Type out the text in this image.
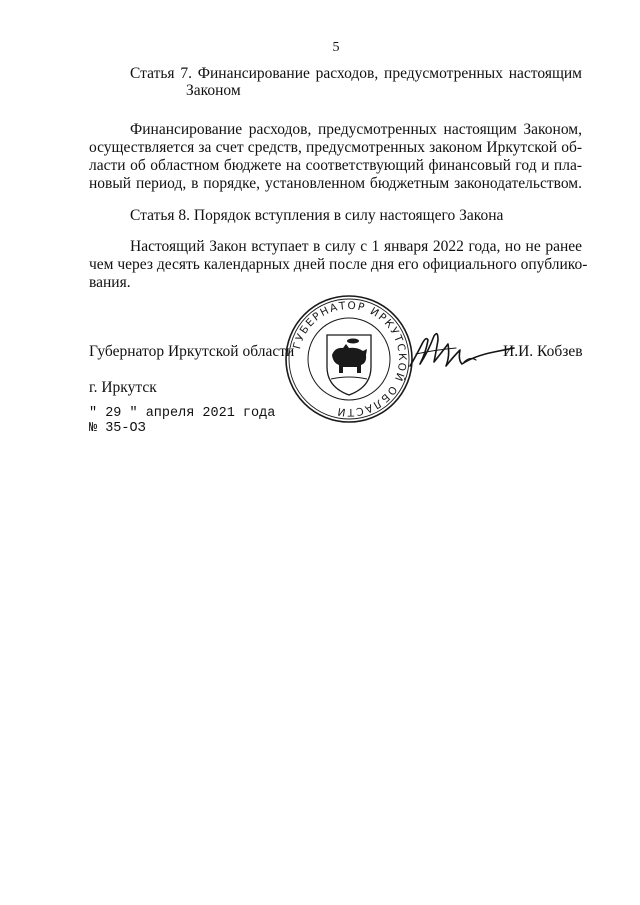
5
Статья 7. Финансирование расходов, предусмотренных настоящим
Законом
Финансирование расходов, предусмотренных настоящим Законом,
осуществляется за счет средств, предусмотренных законом Иркутской об-
ласти об областном бюджете на соответствующий финансовый год и пла-
новый период, в порядке, установленном бюджетным законодательством.
Статья 8. Порядок вступления в силу настоящего Закона
Настоящий Закон вступает в силу с 1 января 2022 года, но не ранее
чем через десять календарных дней после дня его официального опублико-
вания.
Губернатор Иркутской области	И.И. Кобзев
г. Иркутск
" 29 " апреля 2021 года
№ 35-ОЗ
ГУБЕРНАТОР ИРКУТСКОЙ ОБЛАСТИ
